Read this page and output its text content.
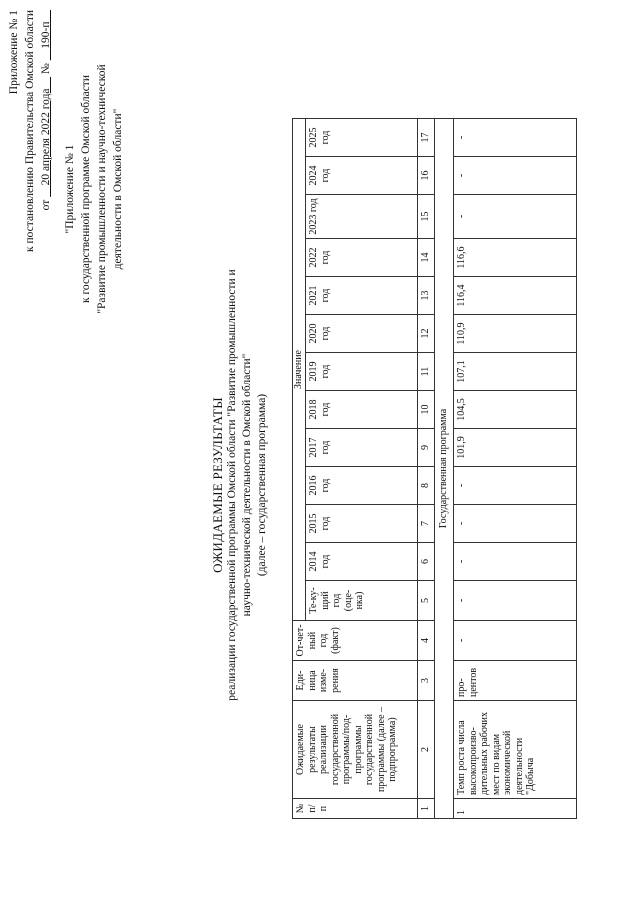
Приложение № 1 к постановлению Правительства Омской области от     20 апреля 2022 года     №     190-п
"Приложение № 1 к государственной программе Омской области "Развитие промышленности и научно-технической деятельности в Омской области"
ОЖИДАЕМЫЕ РЕЗУЛЬТАТЫ реализации государственной программы Омской области "Развитие промышленности и научно-технической деятельности в Омской области" (далее – государственная программа)
№ п/п	Ожидаемые результаты реализации государственной программы/под-программы государственной программы (далее – подпрограмма)	Еди-ница изме-рения	От-чет-ный год (факт)	Значение												
				Те-ку-щий год (оце-нка)	2014 год	2015 год	2016 год	2017 год	2018 год	2019 год	2020 год	2021 год	2022 год	2023 год	2024 год	2025 год
1	2	3	4	5	6	7	8	9	10	11	12	13	14	15	16	17
Государственная программа																
1	Темп роста числа высокопроизво-дительных рабочих мест по видам экономической деятельности "Добыча	про-центов	-	-	-	-	-	101,9	104,5	107,1	110,9	116,4	116,6	-	-	-
